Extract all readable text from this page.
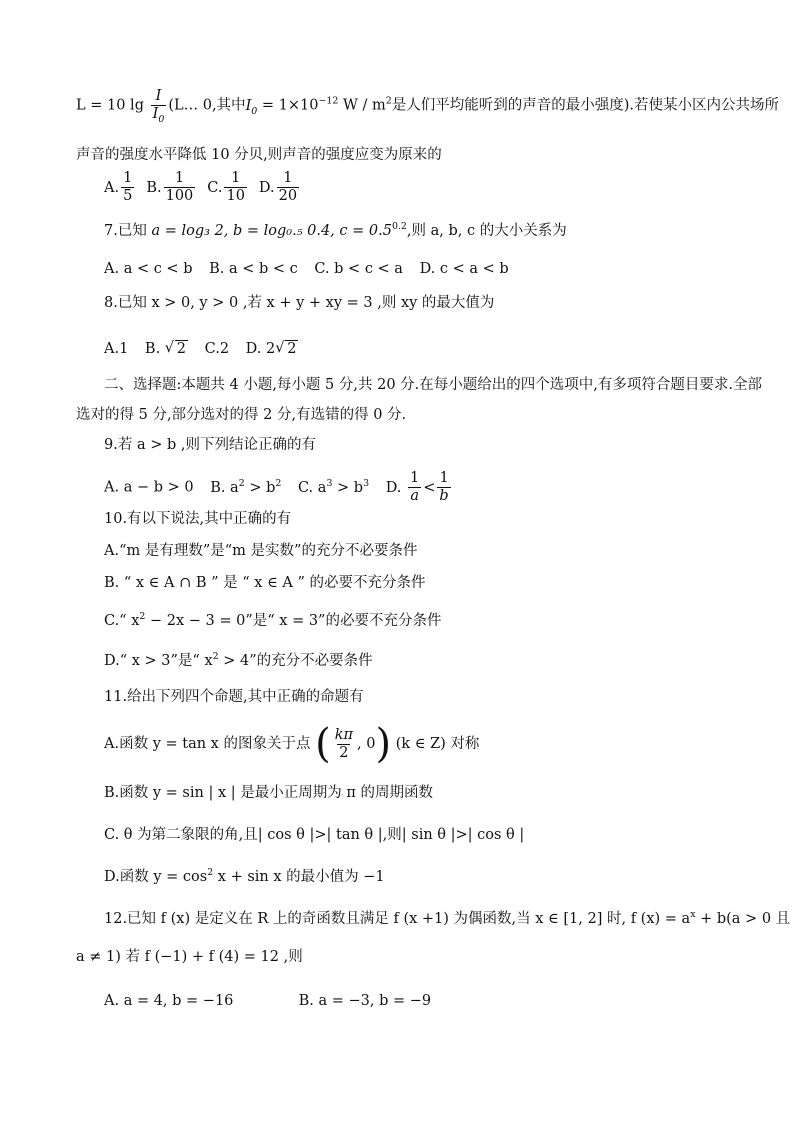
L = 10 $\lg \frac{I}{I_0}$ (L… 0,其中$I_0 = 1\times 10^{-12}$ W / $m^2$是人们平均能听到的声音的最小强度).若使某小区内公共场所
声音的强度水平降低 10 分贝,则声音的强度应变为原来的
A. $\frac{1}{5} B$. $\frac{1}{100} C$. $\frac{1}{10} D$. $\frac{1}{20}$
7.已知 a = log₃ 2, b = log₀.₅ 0.4, $c = 0.5^{0.2}$,则 a, b, c 的大小关系为
A. a < c < b B. a < b < c C. b < c < a D. c < a < b
8.已知 x > 0, y > 0 ,若 x + y + xy = 3 ,则 xy 的最大值为
A.1 B. √ 2 C.2 D. 2 √ 2
二、选择题:本题共 4 小题,每小题 5 分,共 20 分.在每小题给出的四个选项中,有多项符合题目要求.全部
选对的得 5 分,部分选对的得 2 分,有选错的得 0 分.
9.若 a > b ,则下列结论正确的有
A. a − b > 0 B. $a^2 > b^2$ C. $a^3 > b^3$ D. $\frac{1}{a} < \frac{1}{b}$
10.有以下说法,其中正确的有
A.“m 是有理数”是“m 是实数”的充分不必要条件
B. “ x ∈ A ∩ B ” 是 “ x ∈ A ” 的必要不充分条件
C.“ $x^2 - 2x - 3 = 0$”是“ x = 3”的必要不充分条件
D.“ x > 3”是“ $x^2 > 4$”的充分不必要条件
11.给出下列四个命题,其中正确的命题有
A.函数 y = tan x 的图象关于点 ( $\frac{k\pi}{2}$ , 0) (k ∈ Z) 对称
B.函数 y = sin | x | 是最小正周期为 π 的周期函数
C. θ 为第二象限的角,且| cos θ |>| tan θ |,则| sin θ |>| cos θ |
D.函数 $y = \cos^2 x + \sin x$ 的最小值为 −1
12.已知 f (x) 是定义在 R 上的奇函数且满足 f (x +1) 为偶函数,当 x ∈ [1, 2] 时, f $(x) = a^x + b(a > 0$ 且
a ≠ 1) 若 f (−1) + f (4) = 12 ,则
A. a = 4, b = −16	B. a = −3, b = −9
